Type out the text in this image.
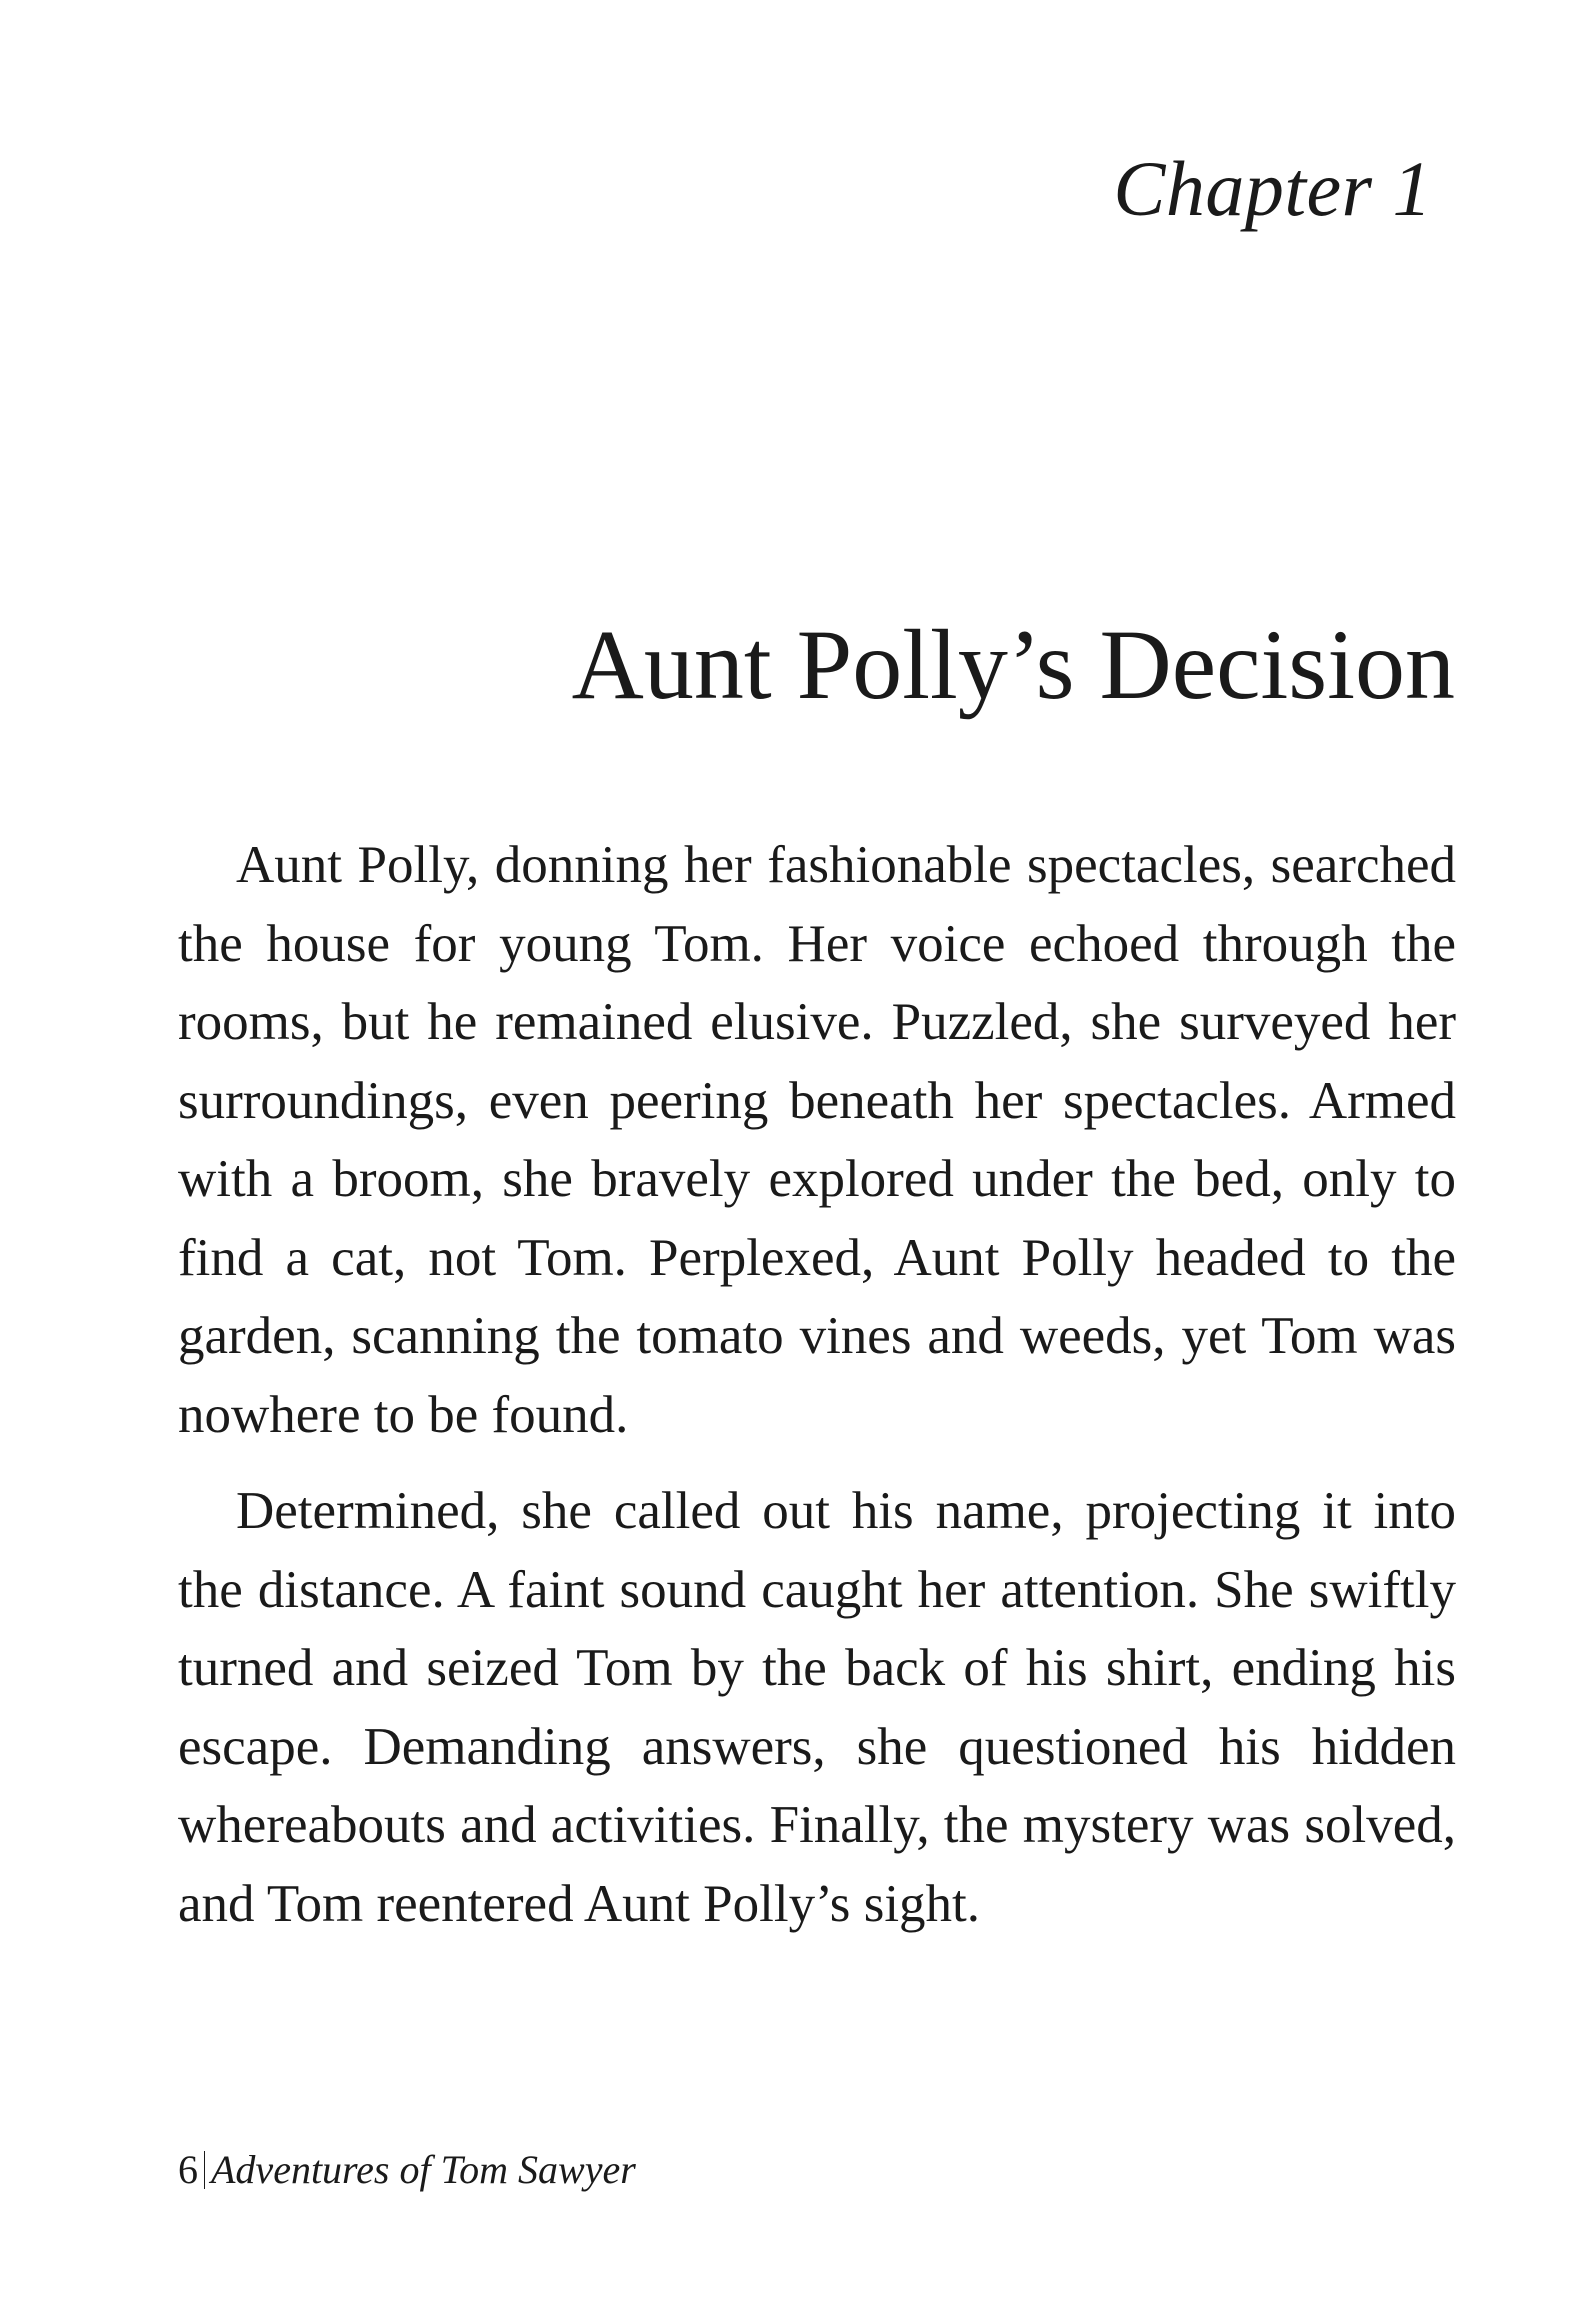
Chapter 1
Aunt Polly’s Decision

Aunt Polly, donning her fashionable spectacles, searched the house for young Tom. Her voice echoed through the rooms, but he remained elusive. Puzzled, she surveyed her surroundings, even peering beneath her spectacles. Armed with a broom, she bravely explored under the bed, only to find a cat, not Tom. Perplexed, Aunt Polly headed to the garden, scanning the tomato vines and weeds, yet Tom was nowhere to be found.

Determined, she called out his name, projecting it into the distance. A faint sound caught her attention. She swiftly turned and seized Tom by the back of his shirt, ending his escape. Demanding answers, she questioned his hidden whereabouts and activities. Finally, the mystery was solved, and Tom reentered Aunt Polly’s sight.

6 Adventures of Tom Sawyer
